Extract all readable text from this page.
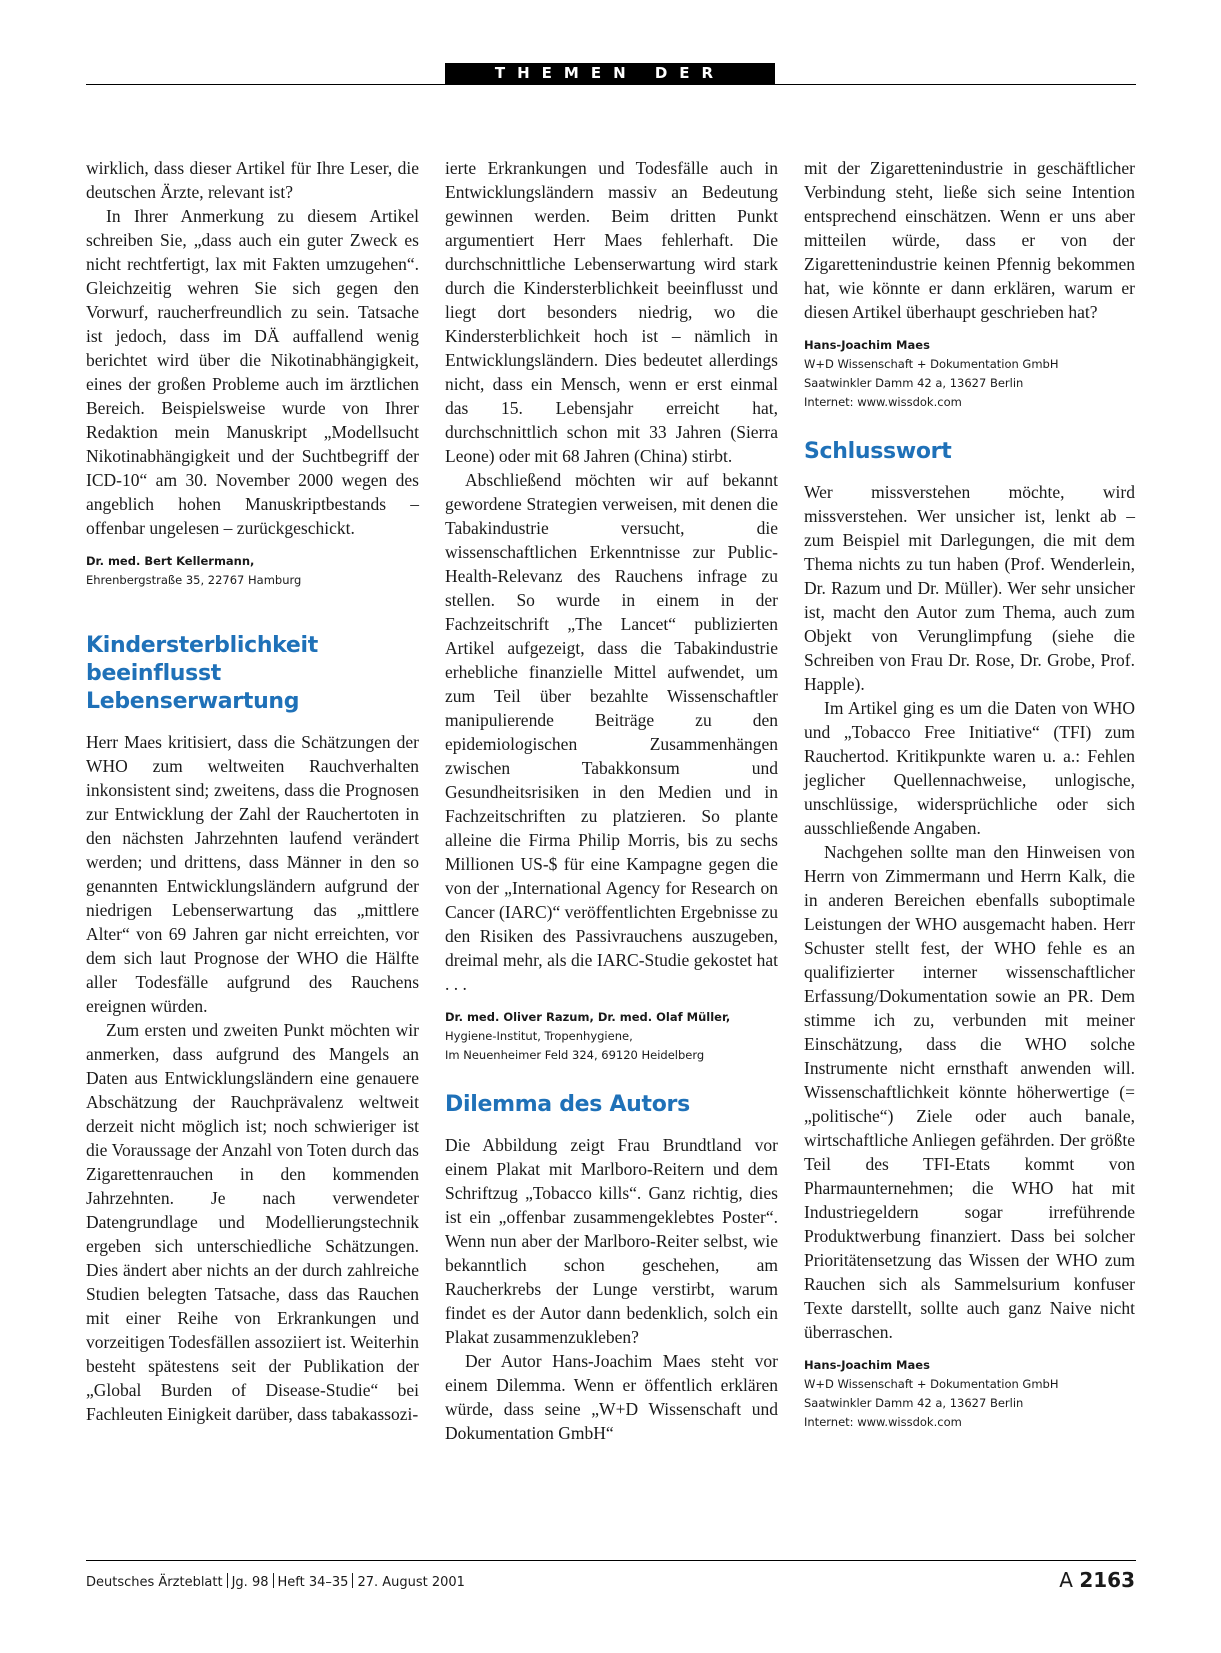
THEMEN DER ZEIT

wirklich, dass dieser Artikel für Ihre Leser, die deutschen Ärzte, relevant ist?

In Ihrer Anmerkung zu diesem Artikel schreiben Sie, „dass auch ein guter Zweck es nicht rechtfertigt, lax mit Fakten umzugehen“. Gleichzeitig wehren Sie sich gegen den Vorwurf, raucherfreundlich zu sein. Tatsache ist jedoch, dass im DÄ auffallend wenig berichtet wird über die Nikotinabhängigkeit, eines der großen Probleme auch im ärztlichen Bereich. Beispielsweise wurde von Ihrer Redaktion mein Manuskript „Modellsucht Nikotinabhängigkeit und der Suchtbegriff der ICD-10“ am 30. November 2000 wegen des angeblich hohen Manuskriptbestands – offenbar ungelesen – zurückgeschickt.

Dr. med. Bert Kellermann,
Ehrenbergstraße 35, 22767 Hamburg
Kindersterblichkeit beeinflusst Lebenserwartung

Herr Maes kritisiert, dass die Schätzungen der WHO zum weltweiten Rauchverhalten inkonsistent sind; zweitens, dass die Prognosen zur Entwicklung der Zahl der Rauchertoten in den nächsten Jahrzehnten laufend verändert werden; und drittens, dass Männer in den so genannten Entwicklungsländern aufgrund der niedrigen Lebenserwartung das „mittlere Alter“ von 69 Jahren gar nicht erreichten, vor dem sich laut Prognose der WHO die Hälfte aller Todesfälle aufgrund des Rauchens ereignen würden.

Zum ersten und zweiten Punkt möchten wir anmerken, dass aufgrund des Mangels an Daten aus Entwicklungsländern eine genauere Abschätzung der Rauchprävalenz weltweit derzeit nicht möglich ist; noch schwieriger ist die Voraussage der Anzahl von Toten durch das Zigarettenrauchen in den kommenden Jahrzehnten. Je nach verwendeter Datengrundlage und Modellierungstechnik ergeben sich unterschiedliche Schätzungen. Dies ändert aber nichts an der durch zahlreiche Studien belegten Tatsache, dass das Rauchen mit einer Reihe von Erkrankungen und vorzeitigen Todesfällen assoziiert ist. Weiterhin besteht spätestens seit der Publikation der „Global Burden of Disease-Studie“ bei Fachleuten Einigkeit darüber, dass tabakassozi-

ierte Erkrankungen und Todesfälle auch in Entwicklungsländern massiv an Bedeutung gewinnen werden. Beim dritten Punkt argumentiert Herr Maes fehlerhaft. Die durchschnittliche Lebenserwartung wird stark durch die Kindersterblichkeit beeinflusst und liegt dort besonders niedrig, wo die Kindersterblichkeit hoch ist – nämlich in Entwicklungsländern. Dies bedeutet allerdings nicht, dass ein Mensch, wenn er erst einmal das 15. Lebensjahr erreicht hat, durchschnittlich schon mit 33 Jahren (Sierra Leone) oder mit 68 Jahren (China) stirbt.

Abschließend möchten wir auf bekannt gewordene Strategien verweisen, mit denen die Tabakindustrie versucht, die wissenschaftlichen Erkenntnisse zur Public-Health-Relevanz des Rauchens infrage zu stellen. So wurde in einem in der Fachzeitschrift „The Lancet“ publizierten Artikel aufgezeigt, dass die Tabakindustrie erhebliche finanzielle Mittel aufwendet, um zum Teil über bezahlte Wissenschaftler manipulierende Beiträge zu den epidemiologischen Zusammenhängen zwischen Tabakkonsum und Gesundheitsrisiken in den Medien und in Fachzeitschriften zu platzieren. So plante alleine die Firma Philip Morris, bis zu sechs Millionen US-$ für eine Kampagne gegen die von der „International Agency for Research on Cancer (IARC)“ veröffentlichten Ergebnisse zu den Risiken des Passivrauchens auszugeben, dreimal mehr, als die IARC-Studie gekostet hat . . .

Dr. med. Oliver Razum, Dr. med. Olaf Müller,
Hygiene-Institut, Tropenhygiene,
Im Neuenheimer Feld 324, 69120 Heidelberg
Dilemma des Autors

Die Abbildung zeigt Frau Brundtland vor einem Plakat mit Marlboro-Reitern und dem Schriftzug „Tobacco kills“. Ganz richtig, dies ist ein „offenbar zusammengeklebtes Poster“. Wenn nun aber der Marlboro-Reiter selbst, wie bekanntlich schon geschehen, am Raucherkrebs der Lunge verstirbt, warum findet es der Autor dann bedenklich, solch ein Plakat zusammenzukleben?

Der Autor Hans-Joachim Maes steht vor einem Dilemma. Wenn er öffentlich erklären würde, dass seine „W+D Wissenschaft und Dokumentation GmbH“

mit der Zigarettenindustrie in geschäftlicher Verbindung steht, ließe sich seine Intention entsprechend einschätzen. Wenn er uns aber mitteilen würde, dass er von der Zigarettenindustrie keinen Pfennig bekommen hat, wie könnte er dann erklären, warum er diesen Artikel überhaupt geschrieben hat?

Hans-Joachim Maes
W+D Wissenschaft + Dokumentation GmbH
Saatwinkler Damm 42 a, 13627 Berlin
Internet: www.wissdok.com
Schlusswort

Wer missverstehen möchte, wird missverstehen. Wer unsicher ist, lenkt ab – zum Beispiel mit Darlegungen, die mit dem Thema nichts zu tun haben (Prof. Wenderlein, Dr. Razum und Dr. Müller). Wer sehr unsicher ist, macht den Autor zum Thema, auch zum Objekt von Verunglimpfung (siehe die Schreiben von Frau Dr. Rose, Dr. Grobe, Prof. Happle).

Im Artikel ging es um die Daten von WHO und „Tobacco Free Initiative“ (TFI) zum Rauchertod. Kritikpunkte waren u. a.: Fehlen jeglicher Quellennachweise, unlogische, unschlüssige, widersprüchliche oder sich ausschließende Angaben.

Nachgehen sollte man den Hinweisen von Herrn von Zimmermann und Herrn Kalk, die in anderen Bereichen ebenfalls suboptimale Leistungen der WHO ausgemacht haben. Herr Schuster stellt fest, der WHO fehle es an qualifizierter interner wissenschaftlicher Erfassung/Dokumentation sowie an PR. Dem stimme ich zu, verbunden mit meiner Einschätzung, dass die WHO solche Instrumente nicht ernsthaft anwenden will. Wissenschaftlichkeit könnte höherwertige (= „politische“) Ziele oder auch banale, wirtschaftliche Anliegen gefährden. Der größte Teil des TFI-Etats kommt von Pharmaunternehmen; die WHO hat mit Industriegeldern sogar irreführende Produktwerbung finanziert. Dass bei solcher Prioritätensetzung das Wissen der WHO zum Rauchen sich als Sammelsurium konfuser Texte darstellt, sollte auch ganz Naive nicht überraschen.

Hans-Joachim Maes
W+D Wissenschaft + Dokumentation GmbH
Saatwinkler Damm 42 a, 13627 Berlin
Internet: www.wissdok.com
Deutsches Ärzteblatt Jg. 98 Heft 34–35 27. August 2001	A 2163
